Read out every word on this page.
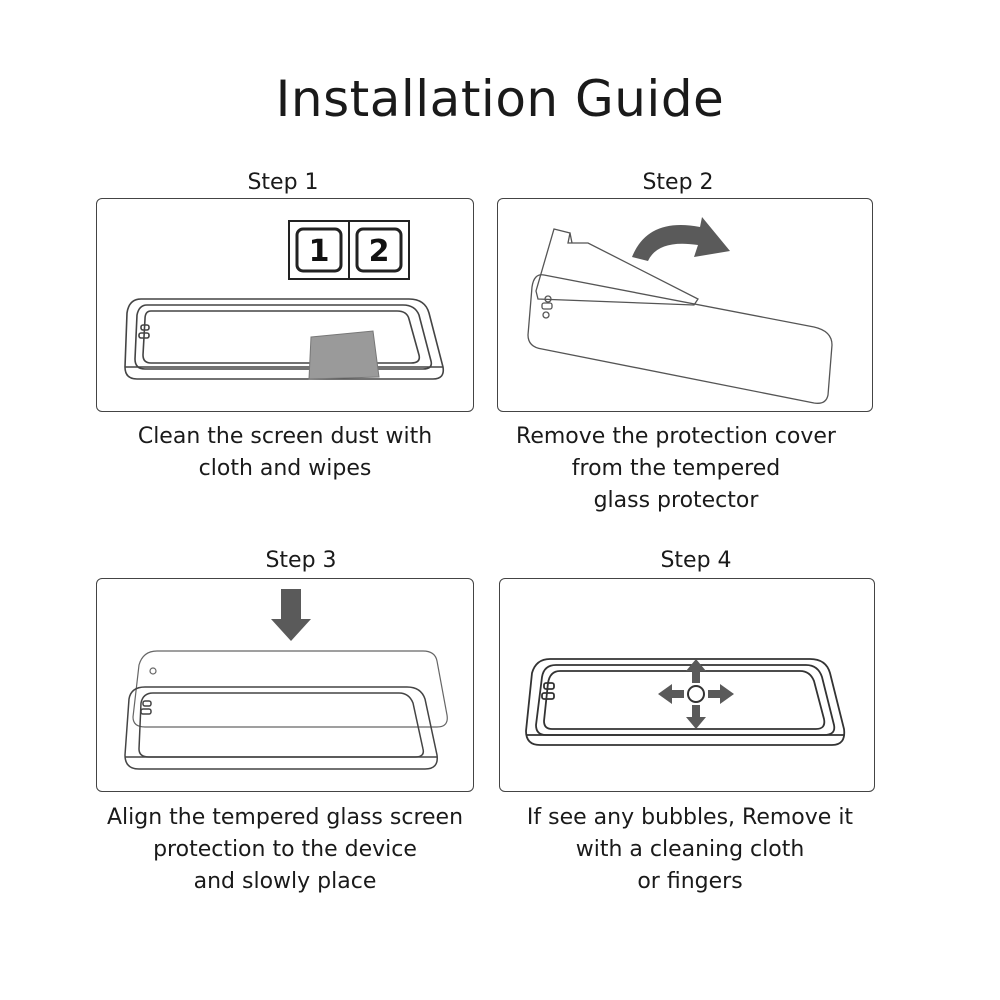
Installation Guide
Step 1
1 2
Clean the screen dust with
cloth and wipes
Step 2
Remove the protection cover
from the tempered
glass protector
Step 3
Align the tempered glass screen
protection to the device
and slowly place
Step 4
If see any bubbles, Remove it
with a cleaning cloth
or fingers
